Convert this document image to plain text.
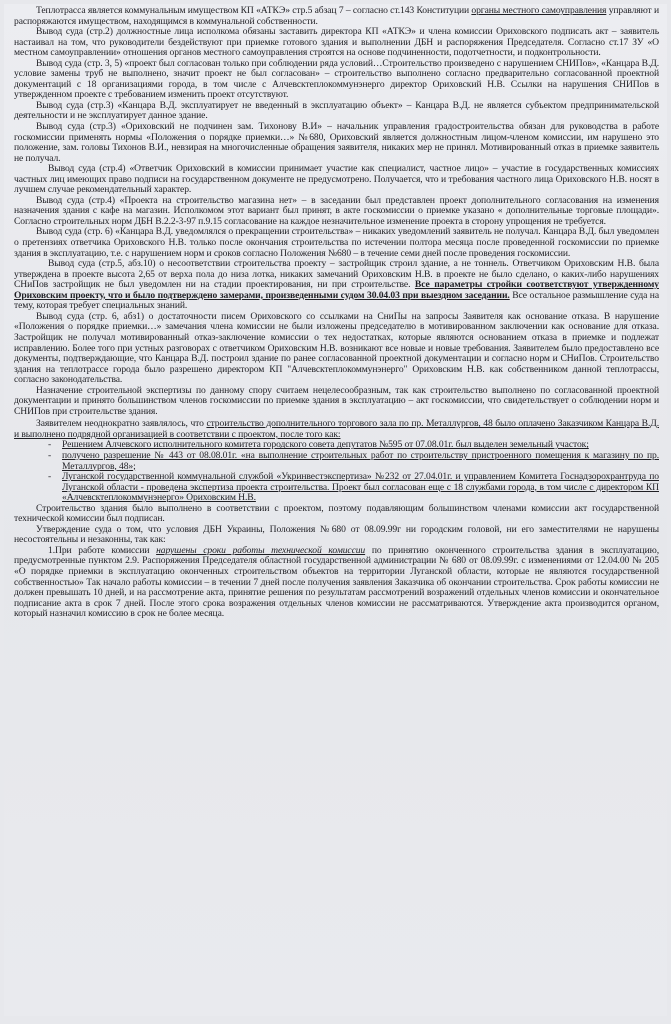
Теплотрасса является коммунальным имуществом КП «АТКЭ» стр.5 абзац 7 – согласно ст.143 Конституции органы местного самоуправления управляют и распоряжаются имуществом, находящимся в коммунальной собственности.

Вывод суда (стр.2) должностные лица исполкома обязаны заставить директора КП «АТКЭ» и члена комиссии Ориховского подписать акт – заявитель настаивал на том, что руководители бездействуют при приемке готового здания и выполнении ДБН и распоряжения Председателя. Согласно ст.17 ЗУ «О местном самоуправлении» отношения органов местного самоуправления строятся на основе подчиненности, подотчетности, и подконтрольности.

Вывод суда (стр. 3, 5) «проект был согласован только при соблюдении ряда условий…Строительство произведено с нарушением СНИПов», «Канцара В.Д. условие замены труб не выполнено, значит проект не был согласован» – строительство выполнено согласно предварительно согласованной проектной документаций с 18 организациями города, в том числе с Алчевсктеплокоммунэнерго директор Ориховский Н.В. Ссылки на нарушения СНИПов в утвержденном проекте с требованием изменить проект отсутствуют.

Вывод суда (стр.3) «Канцара В.Д. эксплуатирует не введенный в эксплуатацию объект» – Канцара В.Д. не является субъектом предпринимательской деятельности и не эксплуатирует данное здание.

Вывод суда (стр.3) «Ориховский не подчинен зам. Тихонову В.И» – начальник управления градостроительства обязан для руководства в работе госкомиссии применять нормы «Положения о порядке приемки…» №680, Ориховский является должностным лицом-членом комиссии, им нарушено это положение, зам. головы Тихонов В.И., невзирая на многочисленные обращения заявителя, никаких мер не принял. Мотивированный отказ в приемке заявитель не получал.

Вывод суда (стр.4) «Ответчик Ориховский в комиссии принимает участие как специалист, частное лицо» – участие в государственных комиссиях частных лиц имеющих право подписи на государственном документе не предусмотрено. Получается, что и требования частного лица Ориховского Н.В. носят в лучшем случае рекомендательный характер.

Вывод суда (стр.4) «Проекта на строительство магазина нет» – в заседании был представлен проект дополнительного согласования на изменения назначения здания с кафе на магазин. Исполкомом этот вариант был принят, в акте госкомиссии о приемке указано « дополнительные торговые площади». Согласно строительных норм ДБН В.2.2-3-97 п.9.15 согласование на каждое незначительное изменение проекта в сторону упрощения не требуется.

Вывод суда (стр. 6) «Канцара В.Д. уведомлялся о прекращении строительства» – никаких уведомлений заявитель не получал. Канцара В.Д. был уведомлен о претензиях ответчика Ориховского Н.В. только после окончания строительства по истечении полтора месяца после проведенной госкомиссии по приемке здания в эксплуатацию, т.е. с нарушением норм и сроков согласно Положения №680 – в течение семи дней после проведения госкомиссии.

Вывод суда (стр.5, абз.10) о несоответствии строительства проекту – застройщик строил здание, а не тоннель. Ответчиком Ориховским Н.В. была утверждена в проекте высота 2,65 от верха пола до низа лотка, никаких замечаний Ориховским Н.В. в проекте не было сделано, о каких-либо нарушениях СНиПов застройщик не был уведомлен ни на стадии проектирования, ни при строительстве. Все параметры стройки соответствуют утвержденному Ориховским проекту, что и было подтверждено замерами, произведенными судом 30.04.03 при выездном заседании. Все остальное размышление суда на тему, которая требует специальных знаний.

Вывод суда (стр. 6, абз1) о достаточности писем Ориховского со ссылками на СниПы на запросы Заявителя как основание отказа. В нарушение «Положения о порядке приемки…» замечания члена комиссии не были изложены председателю в мотивированном заключении как основание для отказа. Застройщик не получал мотивированный отказ-заключение комиссии о тех недостатках, которые являются основанием отказа в приемке и подлежат исправлению. Более того при устных разговорах с ответчиком Ориховским Н.В. возникают все новые и новые требования. Заявителем было предоставлено все документы, подтверждающие, что Канцара В.Д. построил здание по ранее согласованной проектной документации и согласно норм и СНиПов. Строительство здания на теплотрассе города было разрешено директором КП "Алчевсктеплокоммунэнерго" Ориховским Н.В. как собственником данной теплотрассы, согласно законодательства.

Назначение строительной экспертизы по данному спору считаем нецелесообразным, так как строительство выполнено по согласованной проектной документации и принято большинством членов госкомиссии по приемке здания в эксплуатацию – акт госкомиссии, что свидетельствует о соблюдении норм и СНИПов при строительстве здания.

Заявителем неоднократно заявлялось, что строительство дополнительного торгового зала по пр. Металлургов, 48 было оплачено Заказчиком Канцара В.Д. и выполнено подрядной организацией в соответствии с проектом, после того как:

- Решением Алчевского исполнительного комитета городского совета депутатов №595 от 07.08.01г. был выделен земельный участок;
- получено разрешение № 443 от 08.08.01г. «на выполнение строительных работ по строительству пристроенного помещения к магазину по пр. Металлургов, 48»;
- Луганской государственной коммунальной службой «Укринвестэкспертиза» №232 от 27.04.01г. и управлением Комитета Госнадзорохрантруда по Луганской области - проведена экспертиза проекта строительства. Проект был согласован еще с 18 службами города, в том числе с директором КП «Алчевсктеплокоммунэнерго» Ориховским Н.В.

Строительство здания было выполнено в соответствии с проектом, поэтому подавляющим большинством членами комиссии акт государственной технической комиссии был подписан.

Утверждение суда о том, что условия ДБН Украины, Положения №680 от 08.09.99г ни городским головой, ни его заместителями не нарушены несостоятельны и незаконны, так как:

1.При работе комиссии нарушены сроки работы технической комиссии по принятию оконченного строительства здания в эксплуатацию, предусмотренные пунктом 2.9. Распоряжения Председателя областной государственной администрации № 680 от 08.09.99г. с изменениями от 12.04.00 № 205 «О порядке приемки в эксплуатацию оконченных строительством объектов на территории Луганской области, которые не являются государственной собственностью» Так начало работы комиссии – в течении 7 дней после получения заявления Заказчика об окончании строительства. Срок работы комиссии не должен превышать 10 дней, и на рассмотрение акта, принятие решения по результатам рассмотрений возражений отдельных членов комиссии и окончательное подписание акта в срок 7 дней. После этого срока возражения отдельных членов комиссии не рассматриваются. Утверждение акта производится органом, который назначил комиссию в срок не более месяца.
